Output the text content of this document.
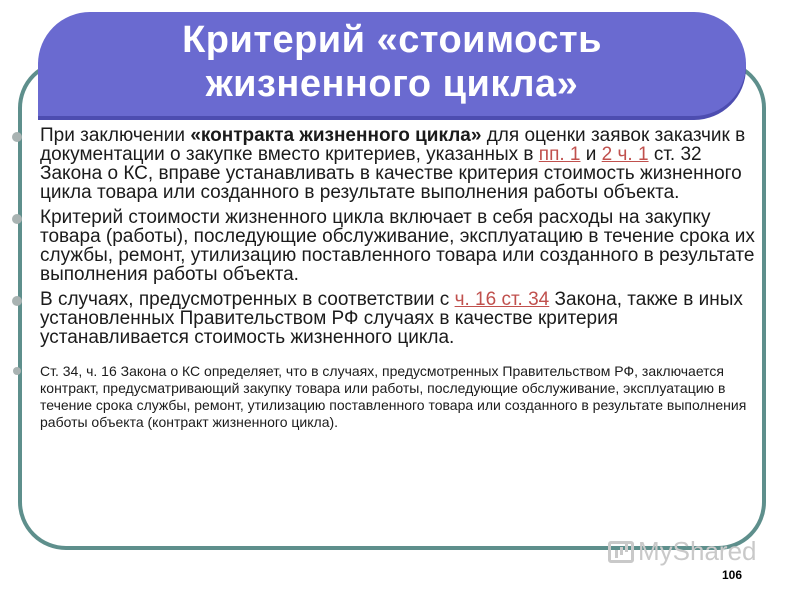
Критерий «стоимость
жизненного цикла»
При заключении «контракта жизненного цикла» для оценки заявок заказчик в документации о закупке вместо критериев, указанных в пп. 1 и 2 ч. 1 ст. 32 Закона о КС, вправе устанавливать в качестве критерия стоимость жизненного цикла товара или созданного в результате выполнения работы объекта.
Критерий стоимости жизненного цикла включает в себя расходы на закупку товара (работы), последующие обслуживание, эксплуатацию в течение срока их службы, ремонт, утилизацию поставленного товара или созданного в результате выполнения работы объекта.
В случаях, предусмотренных в соответствии с ч. 16 ст. 34 Закона, также в иных установленных Правительством РФ случаях в качестве критерия устанавливается стоимость жизненного цикла.
Ст. 34, ч. 16 Закона о КС определяет, что в случаях, предусмотренных Правительством РФ, заключается контракт, предусматривающий закупку товара или работы, последующие обслуживание, эксплуатацию в течение срока службы, ремонт, утилизацию поставленного товара или созданного в результате выполнения работы объекта (контракт жизненного цикла).
MyShared
106
